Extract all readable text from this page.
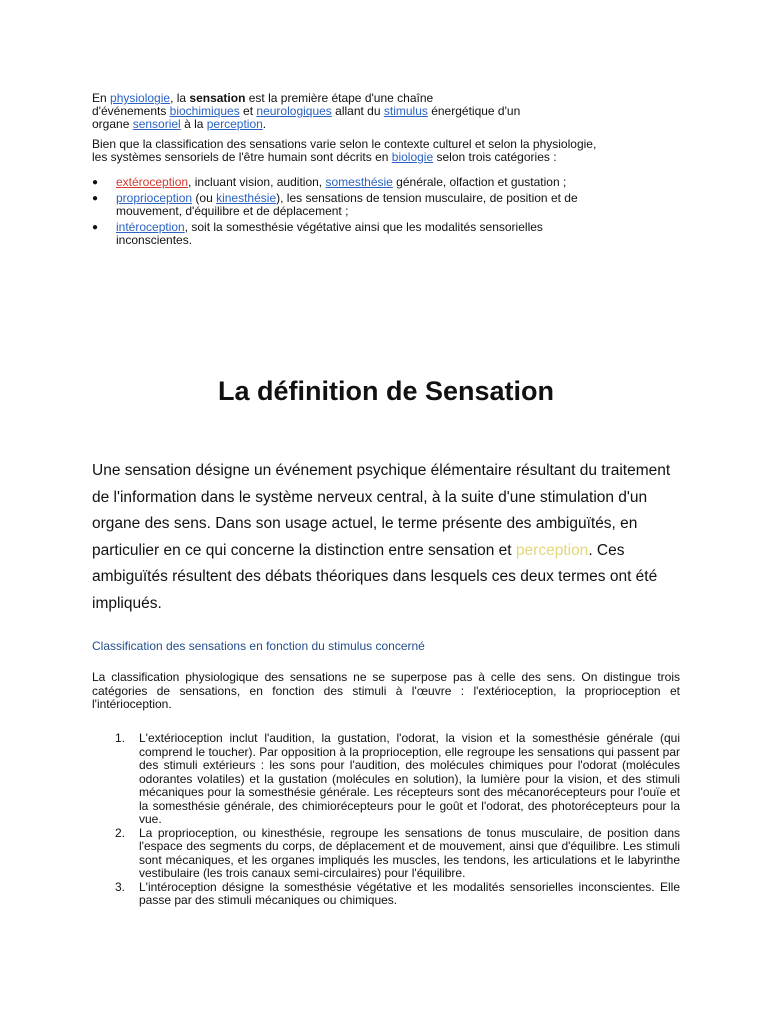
En physiologie, la sensation est la première étape d'une chaîne
d'événements biochimiques et neurologiques allant du stimulus énergétique d'un
organe sensoriel à la perception.

Bien que la classification des sensations varie selon le contexte culturel et selon la physiologie,
les systèmes sensoriels de l'être humain sont décrits en biologie selon trois catégories :

● extéroception, incluant vision, audition, somesthésie générale, olfaction et gustation ;
● proprioception (ou kinesthésie), les sensations de tension musculaire, de position et de
mouvement, d'équilibre et de déplacement ;
● intéroception, soit la somesthésie végétative ainsi que les modalités sensorielles
inconscientes.
La définition de Sensation

Une sensation désigne un événement psychique élémentaire résultant du traitement de l'information dans le système nerveux central, à la suite d'une stimulation d'un organe des sens. Dans son usage actuel, le terme présente des ambiguïtés, en particulier en ce qui concerne la distinction entre sensation et perception. Ces ambiguïtés résultent des débats théoriques dans lesquels ces deux termes ont été impliqués.

Classification des sensations en fonction du stimulus concerné

La classification physiologique des sensations ne se superpose pas à celle des sens. On distingue trois catégories de sensations, en fonction des stimuli à l'œuvre : l'extérioception, la proprioception et l'intérioception.

1. L'extérioception inclut l'audition, la gustation, l'odorat, la vision et la somesthésie générale (qui comprend le toucher). Par opposition à la proprioception, elle regroupe les sensations qui passent par des stimuli extérieurs : les sons pour l'audition, des molécules chimiques pour l'odorat (molécules odorantes volatiles) et la gustation (molécules en solution), la lumière pour la vision, et des stimuli mécaniques pour la somesthésie générale. Les récepteurs sont des mécanorécepteurs pour l'ouïe et la somesthésie générale, des chimiorécepteurs pour le goût et l'odorat, des photorécepteurs pour la vue.
2. La proprioception, ou kinesthésie, regroupe les sensations de tonus musculaire, de position dans l'espace des segments du corps, de déplacement et de mouvement, ainsi que d'équilibre. Les stimuli sont mécaniques, et les organes impliqués les muscles, les tendons, les articulations et le labyrinthe vestibulaire (les trois canaux semi-circulaires) pour l'équilibre.
3. L'intéroception désigne la somesthésie végétative et les modalités sensorielles inconscientes. Elle passe par des stimuli mécaniques ou chimiques.
